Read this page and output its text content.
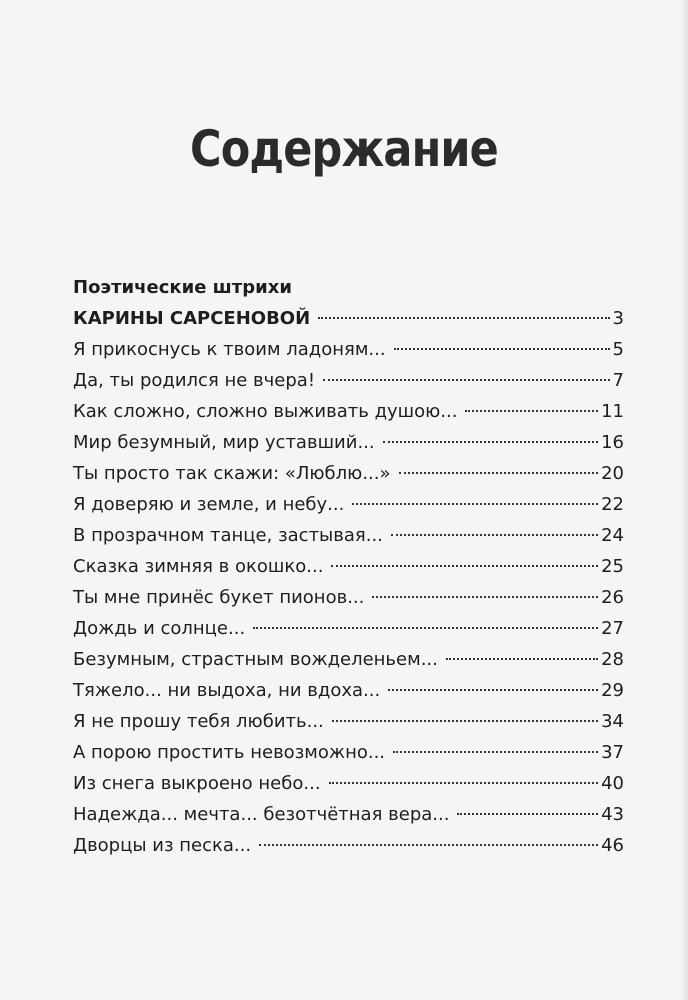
Содержание
Поэтические штрихи
КАРИНЫ САРСЕНОВОЙ	3
Я прикоснусь к твоим ладоням...	5
Да, ты родился не вчера!	7
Как сложно, сложно выживать душою...	11
Мир безумный, мир уставший...	16
Ты просто так скажи: «Люблю...»	20
Я доверяю и земле, и небу...	22
В прозрачном танце, застывая...	24
Сказка зимняя в окошко...	25
Ты мне принёс букет пионов...	26
Дождь и солнце...	27
Безумным, страстным вожделеньем...	28
Тяжело... ни выдоха, ни вдоха...	29
Я не прошу тебя любить...	34
А порою простить невозможно...	37
Из снега выкроено небо...	40
Надежда... мечта... безотчётная вера...	43
Дворцы из песка...	46
